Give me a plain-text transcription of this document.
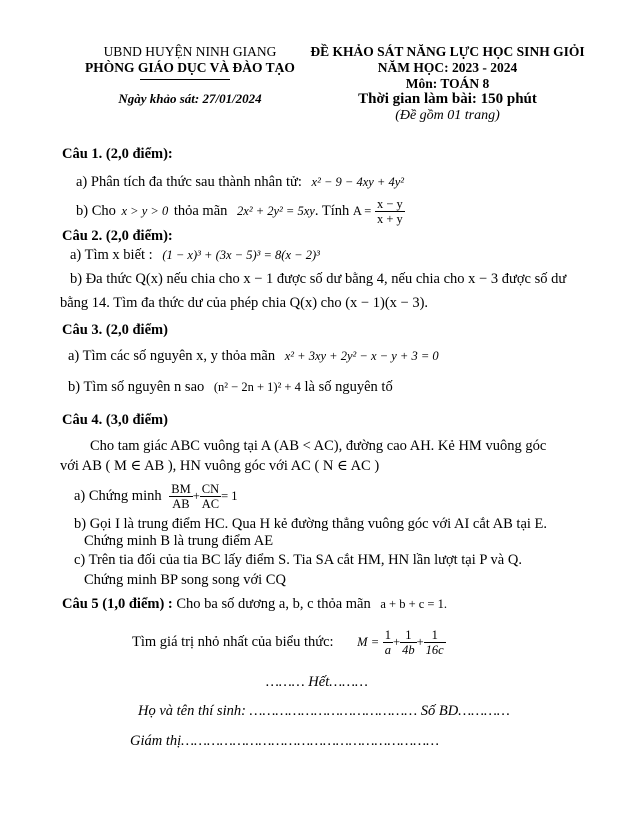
UBND HUYỆN NINH GIANG
PHÒNG GIÁO DỤC VÀ ĐÀO TẠO
Ngày khảo sát: 27/01/2024
ĐỀ KHẢO SÁT NĂNG LỰC HỌC SINH GIỎI
NĂM HỌC: 2023 - 2024
Môn: TOÁN 8
Thời gian làm bài: 150 phút
(Đề gồm 01 trang)
Câu 1. (2,0 điểm):
a) Phân tích đa thức sau thành nhân tử: x² − 9 − 4xy + 4y²
b) Cho x > y > 0 thỏa mãn 2x² + 2y² = 5xy. Tính $A = \frac{x - y}{x + y}$
Câu 2. (2,0 điểm):
a) Tìm x biết : (1 − x)³ + (3x − 5)³ = 8(x − 2)³
b) Đa thức Q(x) nếu chia cho x − 1 được số dư bằng 4, nếu chia cho x − 3 được số dư
bằng 14. Tìm đa thức dư của phép chia Q(x) cho (x − 1)(x − 3).
Câu 3. (2,0 điểm)
a) Tìm các số nguyên x, y thỏa mãn x² + 3xy + 2y² − x − y + 3 = 0
b) Tìm số nguyên n sao (n² − 2n + 1)² + 4 là số nguyên tố
Câu 4. (3,0 điểm)
Cho tam giác ABC vuông tại A (AB < AC), đường cao AH. Kẻ HM vuông góc
với AB ( M ∈ AB ), HN vuông góc với AC ( N ∈ AC )
a) Chứng minh $\frac{BM}{AB} + \frac{CN}{AC} = 1$
b) Gọi I là trung điểm HC. Qua H kẻ đường thẳng vuông góc với AI cắt AB tại E.
Chứng minh B là trung điểm AE
c) Trên tia đối của tia BC lấy điểm S. Tia SA cắt HM, HN lần lượt tại P và Q.
Chứng minh BP song song với CQ
Câu 5 (1,0 điểm) : Cho ba số dương a, b, c thỏa mãn a + b + c = 1.
Tìm giá trị nhỏ nhất của biểu thức: $M = \frac{1}{a} + \frac{1}{4b} + \frac{1}{16c}$
……… Hết………
Họ và tên thí sinh: ………………………………… Số BD…………
Giám thị……………………………………………………
